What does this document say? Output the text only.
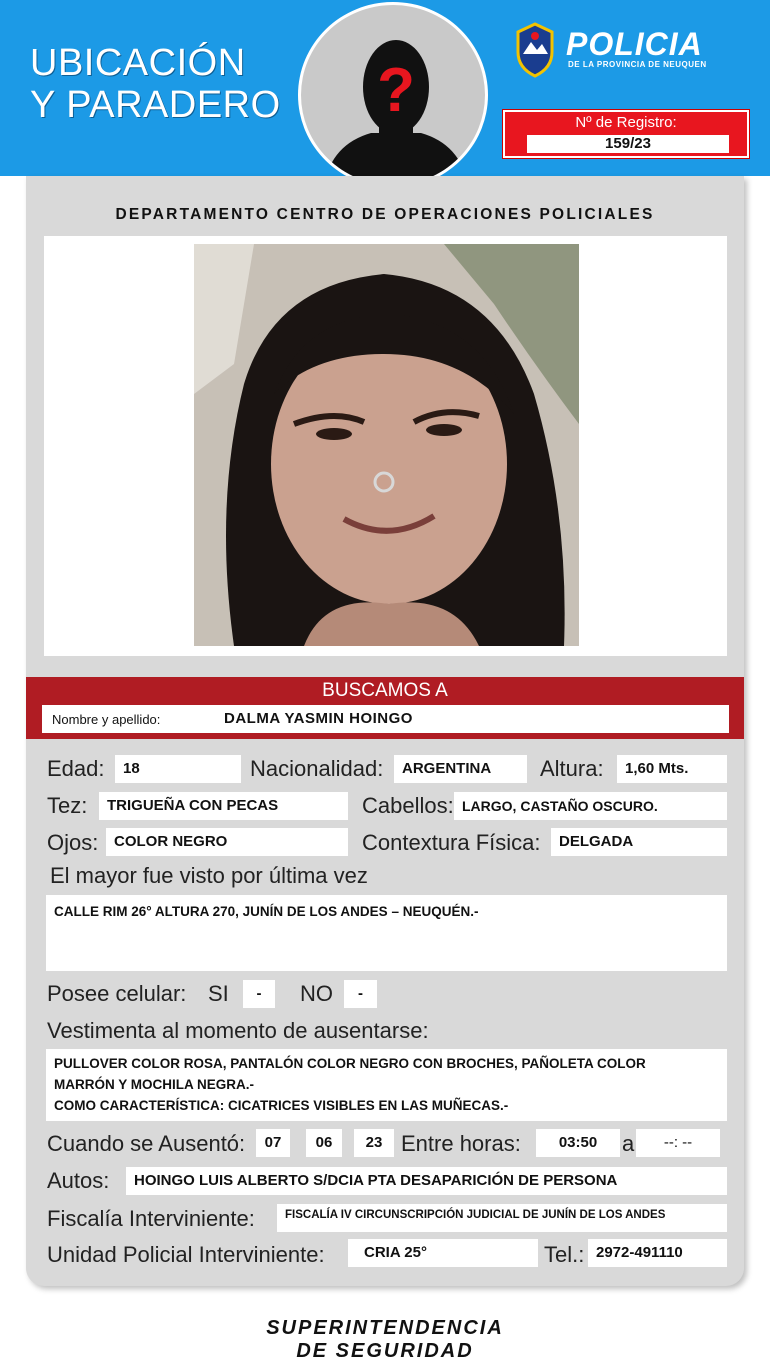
UBICACIÓN
Y PARADERO ?
POLICIA
DE LA PROVINCIA DE NEUQUEN
Nº de Registro:
159/23
DEPARTAMENTO CENTRO DE OPERACIONES POLICIALES
BUSCAMOS A
Nombre y apellido:	DALMA YASMIN HOINGO
Edad:	18	Nacionalidad:	ARGENTINA	Altura:	1,60 Mts.
Tez:	TRIGUEÑA CON PECAS	Cabellos: LARGO, CASTAÑO OSCURO.
Ojos:	COLOR NEGRO	Contextura Física:	DELGADA
El mayor fue visto por última vez
CALLE RIM 26° ALTURA 270, JUNÍN DE LOS ANDES – NEUQUÉN.-
Posee celular: SI	-	NO	-
Vestimenta al momento de ausentarse:
PULLOVER COLOR ROSA, PANTALÓN COLOR NEGRO CON BROCHES, PAÑOLETA COLOR
MARRÓN Y MOCHILA NEGRA.-
COMO CARACTERÍSTICA: CICATRICES VISIBLES EN LAS MUÑECAS.-
Cuando se Ausentó:	07	06	23 Entre horas:	03:50	a	--: --
Autos:	HOINGO LUIS ALBERTO S/DCIA PTA DESAPARICIÓN DE PERSONA
Fiscalía Interviniente:	FISCALÍA IV CIRCUNSCRIPCIÓN JUDICIAL DE JUNÍN DE LOS ANDES
Unidad Policial Interviniente:	CRIA 25°	Tel.: 2972-491110
SUPERINTENDENCIA
DE SEGURIDAD
